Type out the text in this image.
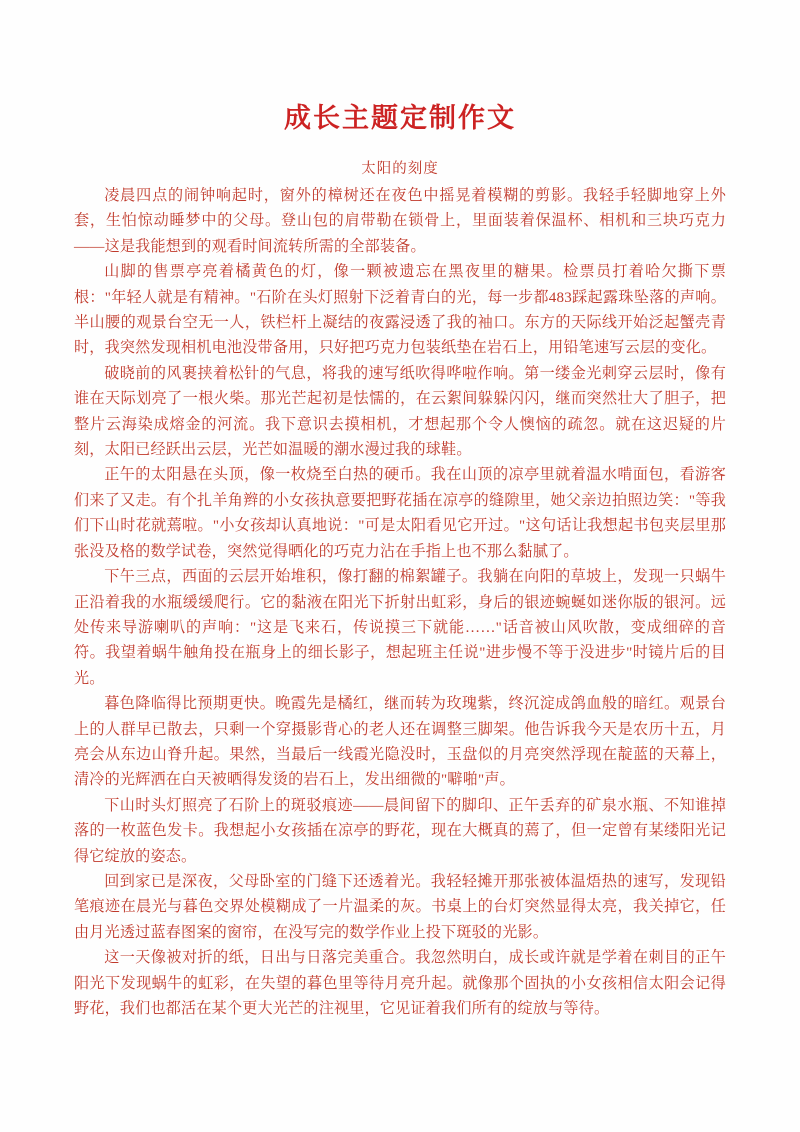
成长主题定制作文
太阳的刻度

凌晨四点的闹钟响起时，窗外的樟树还在夜色中摇晃着模糊的剪影。我轻手轻脚地穿上外套，生怕惊动睡梦中的父母。登山包的肩带勒在锁骨上，里面装着保温杯、相机和三块巧克力——这是我能想到的观看时间流转所需的全部装备。

山脚的售票亭亮着橘黄色的灯，像一颗被遗忘在黑夜里的糖果。检票员打着哈欠撕下票根："年轻人就是有精神。"石阶在头灯照射下泛着青白的光，每一步都483踩起露珠坠落的声响。半山腰的观景台空无一人，铁栏杆上凝结的夜露浸透了我的袖口。东方的天际线开始泛起蟹壳青时，我突然发现相机电池没带备用，只好把巧克力包装纸垫在岩石上，用铅笔速写云层的变化。

破晓前的风裹挟着松针的气息，将我的速写纸吹得哗啦作响。第一缕金光刺穿云层时，像有谁在天际划亮了一根火柴。那光芒起初是怯懦的，在云絮间躲躲闪闪，继而突然壮大了胆子，把整片云海染成熔金的河流。我下意识去摸相机，才想起那个令人懊恼的疏忽。就在这迟疑的片刻，太阳已经跃出云层，光芒如温暖的潮水漫过我的球鞋。

正午的太阳悬在头顶，像一枚烧至白热的硬币。我在山顶的凉亭里就着温水啃面包，看游客们来了又走。有个扎羊角辫的小女孩执意要把野花插在凉亭的缝隙里，她父亲边拍照边笑："等我们下山时花就蔫啦。"小女孩却认真地说："可是太阳看见它开过。"这句话让我想起书包夹层里那张没及格的数学试卷，突然觉得晒化的巧克力沾在手指上也不那么黏腻了。

下午三点，西面的云层开始堆积，像打翻的棉絮罐子。我躺在向阳的草坡上，发现一只蜗牛正沿着我的水瓶缓缓爬行。它的黏液在阳光下折射出虹彩，身后的银迹蜿蜒如迷你版的银河。远处传来导游喇叭的声响："这是飞来石，传说摸三下就能……"话音被山风吹散，变成细碎的音符。我望着蜗牛触角投在瓶身上的细长影子，想起班主任说"进步慢不等于没进步"时镜片后的目光。

暮色降临得比预期更快。晚霞先是橘红，继而转为玫瑰紫，终沉淀成鸽血般的暗红。观景台上的人群早已散去，只剩一个穿摄影背心的老人还在调整三脚架。他告诉我今天是农历十五，月亮会从东边山脊升起。果然，当最后一线霞光隐没时，玉盘似的月亮突然浮现在靛蓝的天幕上，清冷的光辉洒在白天被晒得发烫的岩石上，发出细微的"噼啪"声。

下山时头灯照亮了石阶上的斑驳痕迹——晨间留下的脚印、正午丢弃的矿泉水瓶、不知谁掉落的一枚蓝色发卡。我想起小女孩插在凉亭的野花，现在大概真的蔫了，但一定曾有某缕阳光记得它绽放的姿态。

回到家已是深夜，父母卧室的门缝下还透着光。我轻轻摊开那张被体温焐热的速写，发现铅笔痕迹在晨光与暮色交界处模糊成了一片温柔的灰。书桌上的台灯突然显得太亮，我关掉它，任由月光透过蓝春图案的窗帘，在没写完的数学作业上投下斑驳的光影。

这一天像被对折的纸，日出与日落完美重合。我忽然明白，成长或许就是学着在刺目的正午阳光下发现蜗牛的虹彩，在失望的暮色里等待月亮升起。就像那个固执的小女孩相信太阳会记得野花，我们也都活在某个更大光芒的注视里，它见证着我们所有的绽放与等待。
